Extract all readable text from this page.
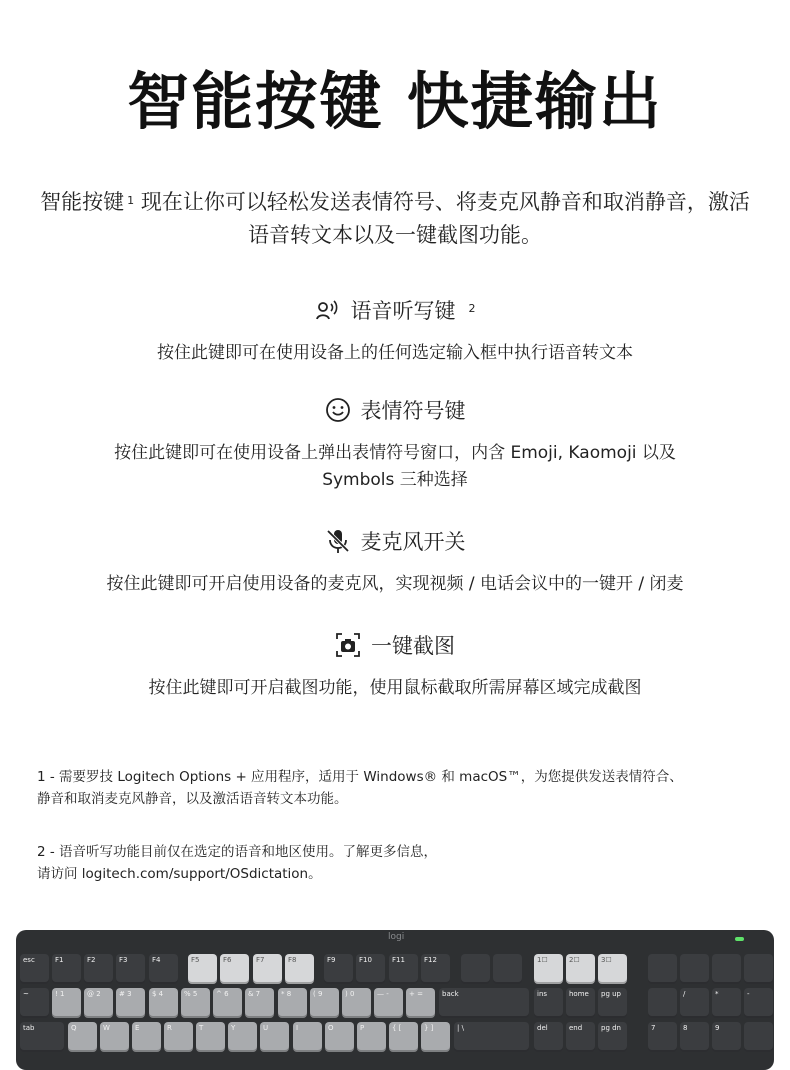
智能按键 快捷输出
智能按键 $^1$ 现在让你可以轻松发送表情符号、将麦克风静音和取消静音，激活语音转文本以及一键截图功能。
语音听写键 $^2$
按住此键即可在使用设备上的任何选定输入框中执行语音转文本
表情符号键
按住此键即可在使用设备上弹出表情符号窗口，内含 Emoji, Kaomoji 以及 Symbols 三种选择
麦克风开关
按住此键即可开启使用设备的麦克风，实现视频 / 电话会议中的一键开 / 闭麦
一键截图
按住此键即可开启截图功能，使用鼠标截取所需屏幕区域完成截图
1 - 需要罗技 Logitech Options + 应用程序，适用于 Windows® 和 macOS™，为您提供发送表情符合、
静音和取消麦克风静音，以及激活语音转文本功能。
2 - 语音听写功能目前仅在选定的语音和地区使用。了解更多信息，
请访问 logitech.com/support/OSdictation。
logi
esc	F1	F2	F3	F4	F5	F6	F7	F8	F9	F10	F11	F12	1☐	2☐	3☐
~	! 1	@ 2	# 3	$ 4	% 5	^ 6	& 7	* 8	( 9	) 0	— -	+ =	back	ins	home	pg up	/	*	-
tab	Q	W	E	R	T	Y	U	I	O	P	{ [	} ]	| \	del	end	pg dn	7	8	9
